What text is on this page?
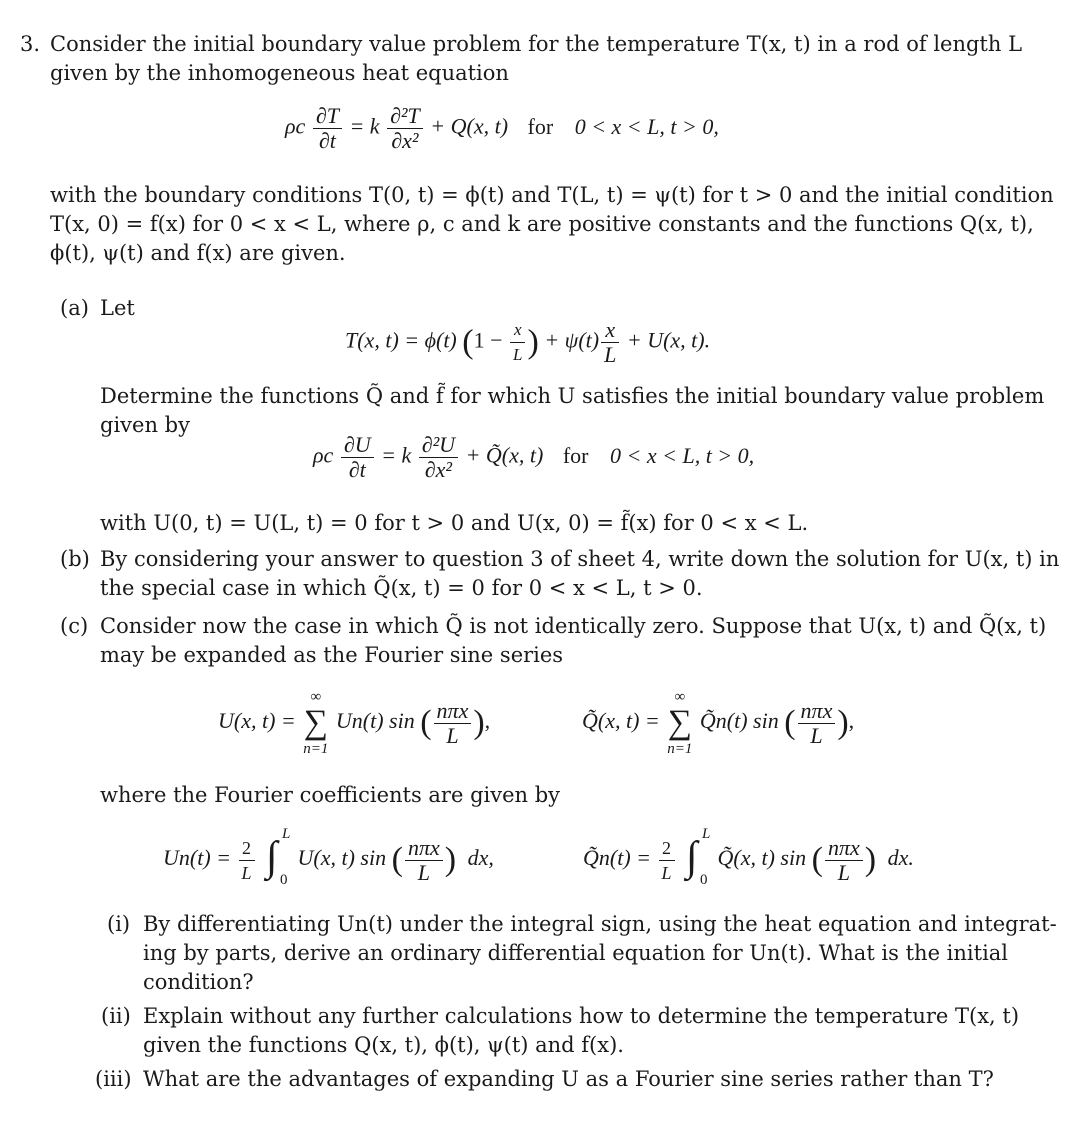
3. Consider the initial boundary value problem for the temperature T(x, t) in a rod of length L
given by the inhomogeneous heat equation
ρc $\frac{\partial T}{\partial t} = k \frac{\text{∂²T}}{\text{∂x²}} + Q(x$, t) for 0 < x < L, t > 0,
with the boundary conditions T(0, t) = ϕ(t) and T(L, t) = ψ(t) for t > 0 and the initial condition
T(x, 0) = f(x) for 0 < x < L, where ρ, c and k are positive constants and the functions Q(x, t),
ϕ(t), ψ(t) and f(x) are given.
(a) Let
T(x, t) = ϕ(t) ($1 - \frac{x}{L}$ ) + $\psi(t) \frac{x}{L} + U(x$, t).
Determine the functions Q̃ and f̃ for which U satisfies the initial boundary value problem
given by
ρc $\frac{\partial U}{\partial t} = k \frac{\text{∂²U}}{\text{∂x²}}$ + Q̃(x, t) for 0 < x < L, t > 0,
with U(0, t) = U(L, t) = 0 for t > 0 and U(x, 0) = f̃(x) for 0 < x < L.
(b) By considering your answer to question 3 of sheet 4, write down the solution for U(x, t) in
the special case in which Q̃(x, t) = 0 for 0 < x < L, t > 0.
(c) Consider now the case in which Q̃ is not identically zero. Suppose that U(x, t) and Q̃(x, t)
may be expanded as the Fourier sine series
U(x, t) =
∞
∑
n=1
Un(t) sin ( $\frac{\text{nπx}}{L}$ ),	Q̃(x, t) =
∞
∑
n=1
Q̃n(t) sin ( $\frac{\text{nπx}}{L}$ ),
where the Fourier coefficients are given by
$Un(t) = \frac{2}{L}$
∫ L
0
U(x, t) sin ( $\frac{\text{nπx}}{L}$ ) dx,	Q̃n(t) = $\frac{2}{L}$
∫ L
0
Q̃(x, t) sin ( $\frac{\text{nπx}}{L}$ ) dx.
(i) By differentiating Un(t) under the integral sign, using the heat equation and integrat-
ing by parts, derive an ordinary differential equation for Un(t). What is the initial
condition?
(ii) Explain without any further calculations how to determine the temperature T(x, t)
given the functions Q(x, t), ϕ(t), ψ(t) and f(x).
(iii) What are the advantages of expanding U as a Fourier sine series rather than T?
